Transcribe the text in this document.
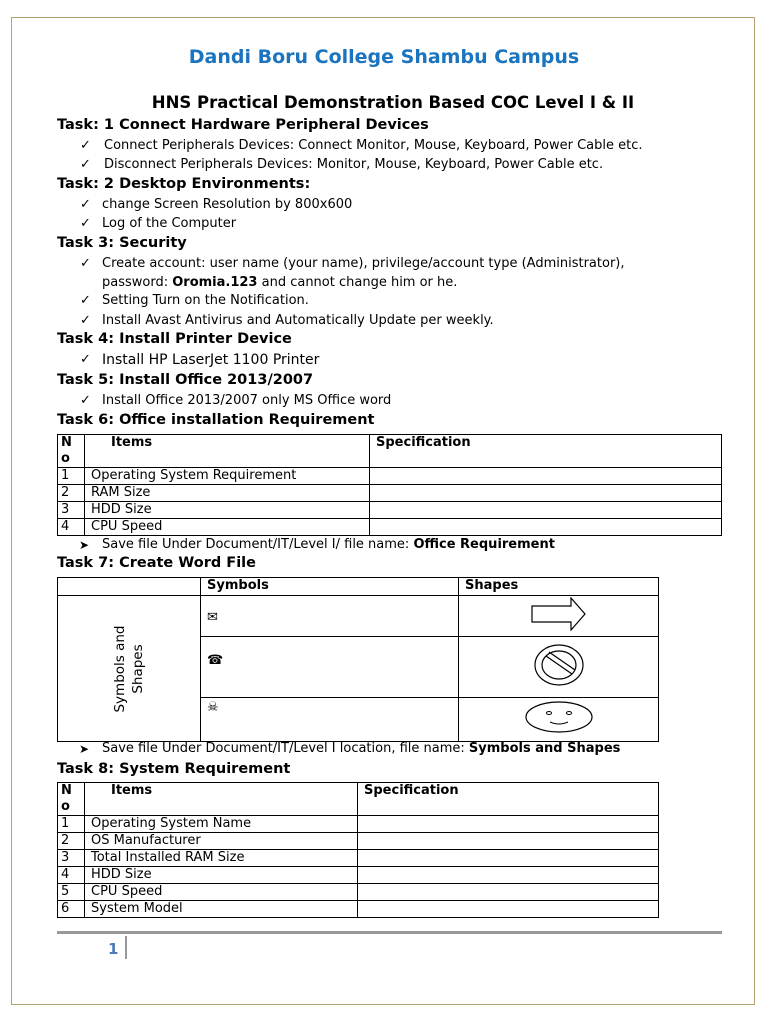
Dandi Boru College Shambu Campus
HNS Practical Demonstration Based COC Level I & II
Task: 1 Connect Hardware Peripheral Devices
✓ Connect Peripherals Devices: Connect Monitor, Mouse, Keyboard, Power Cable etc.
✓ Disconnect Peripherals Devices: Monitor, Mouse, Keyboard, Power Cable etc.
Task: 2 Desktop Environments:
✓ change Screen Resolution by 800x600
✓ Log of the Computer
Task 3: Security
✓ Create account: user name (your name), privilege/account type (Administrator),
password: Oromia.123 and cannot change him or he.
✓ Setting Turn on the Notification.
✓ Install Avast Antivirus and Automatically Update per weekly.
Task 4: Install Printer Device
✓ Install HP LaserJet 1100 Printer
Task 5: Install Office 2013/2007
✓ Install Office 2013/2007 only MS Office word
Task 6: Office installation Requirement
N o	Items	Specification
1	Operating System Requirement	
2	RAM Size	
3	HDD Size	
4	CPU Speed	
➤ Save file Under Document/IT/Level I/ file name: Office Requirement
Task 7: Create Word File
	Symbols	Shapes

Symbols and Shapes	✉	
	☎	
	☠	
➤ Save file Under Document/IT/Level I location, file name: Symbols and Shapes
Task 8: System Requirement
N o	Items	Specification
1	Operating System Name	
2	OS Manufacturer	
3	Total Installed RAM Size	
4	HDD Size	
5	CPU Speed	
6	System Model	
1
